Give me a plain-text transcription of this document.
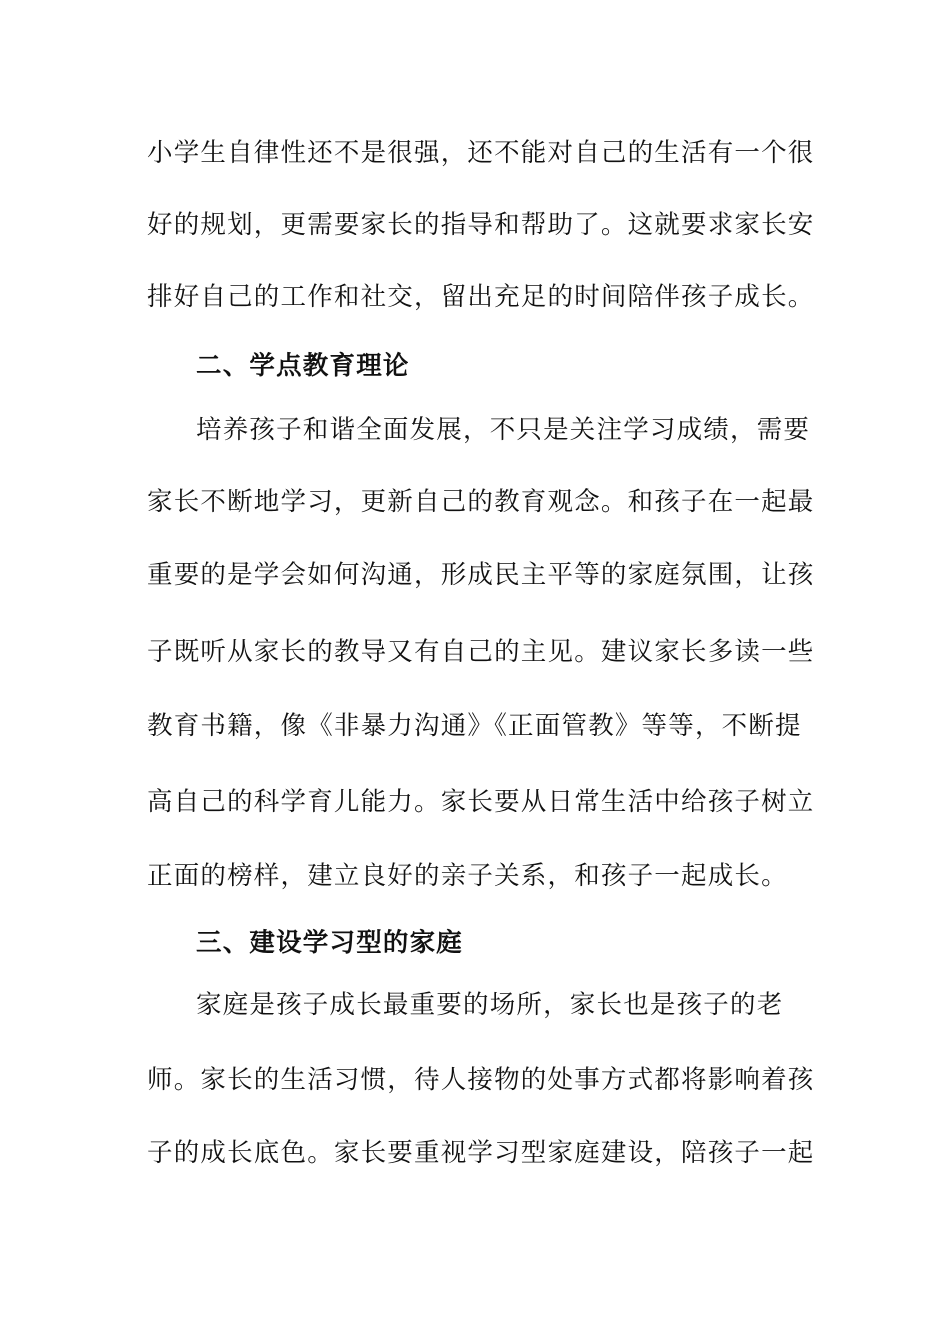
小学生自律性还不是很强，还不能对自己的生活有一个很
好的规划，更需要家长的指导和帮助了。这就要求家长安
排好自己的工作和社交，留出充足的时间陪伴孩子成长。
二、学点教育理论
培养孩子和谐全面发展，不只是关注学习成绩，需要
家长不断地学习，更新自己的教育观念。和孩子在一起最
重要的是学会如何沟通，形成民主平等的家庭氛围，让孩
子既听从家长的教导又有自己的主见。建议家长多读一些
教育书籍，像《非暴力沟通》《正面管教》等等，不断提
高自己的科学育儿能力。家长要从日常生活中给孩子树立
正面的榜样，建立良好的亲子关系，和孩子一起成长。
三、建设学习型的家庭
家庭是孩子成长最重要的场所，家长也是孩子的老
师。家长的生活习惯，待人接物的处事方式都将影响着孩
子的成长底色。家长要重视学习型家庭建设，陪孩子一起
